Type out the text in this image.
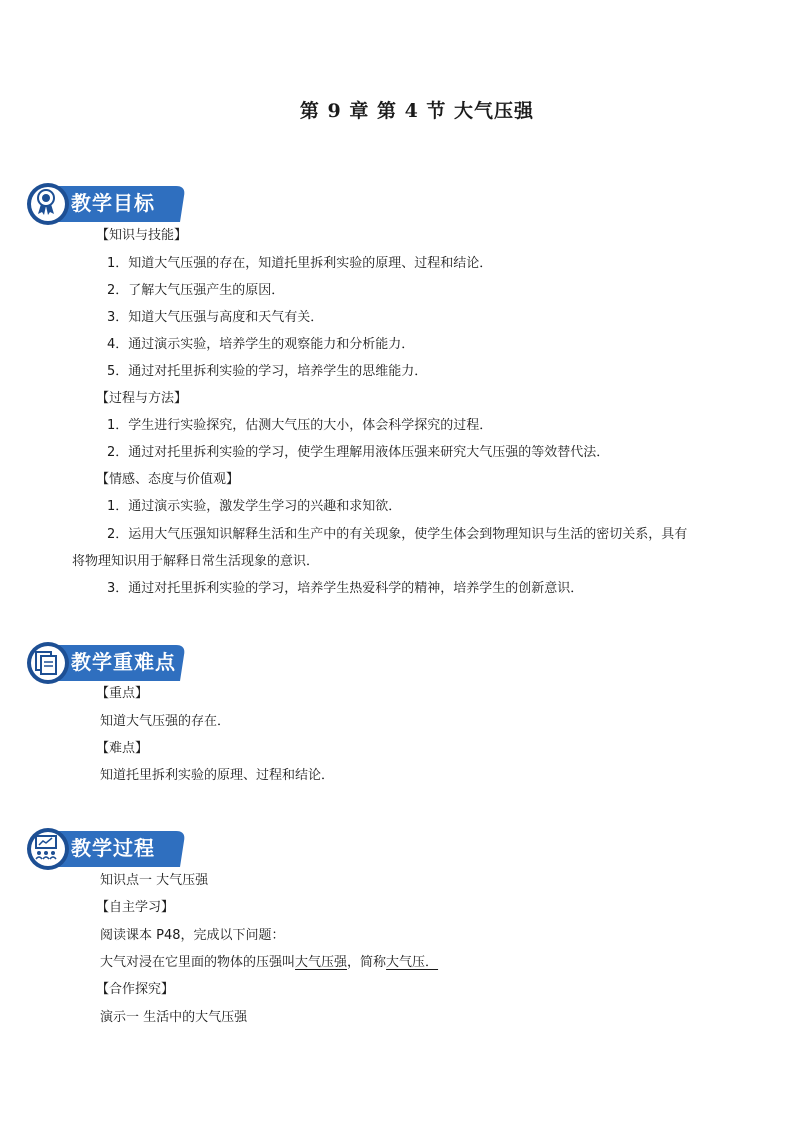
第 9 章 第 4 节 大气压强
教学目标
【知识与技能】
1．知道大气压强的存在，知道托里拆利实验的原理、过程和结论．
2．了解大气压强产生的原因．
3．知道大气压强与高度和天气有关．
4．通过演示实验，培养学生的观察能力和分析能力．
5．通过对托里拆利实验的学习，培养学生的思维能力．
【过程与方法】
1．学生进行实验探究，估测大气压的大小，体会科学探究的过程．
2．通过对托里拆利实验的学习，使学生理解用液体压强来研究大气压强的等效替代法．
【情感、态度与价值观】
1．通过演示实验，激发学生学习的兴趣和求知欲．
2．运用大气压强知识解释生活和生产中的有关现象，使学生体会到物理知识与生活的密切关系，具有
将物理知识用于解释日常生活现象的意识．
3．通过对托里拆利实验的学习，培养学生热爱科学的精神，培养学生的创新意识．
教学重难点
【重点】
知道大气压强的存在．
【难点】
知道托里拆利实验的原理、过程和结论．
教学过程
知识点一 大气压强
【自主学习】
阅读课本 P48，完成以下问题：
大气对浸在它里面的物体的压强叫大气压强，简称大气压．
【合作探究】
演示一 生活中的大气压强
